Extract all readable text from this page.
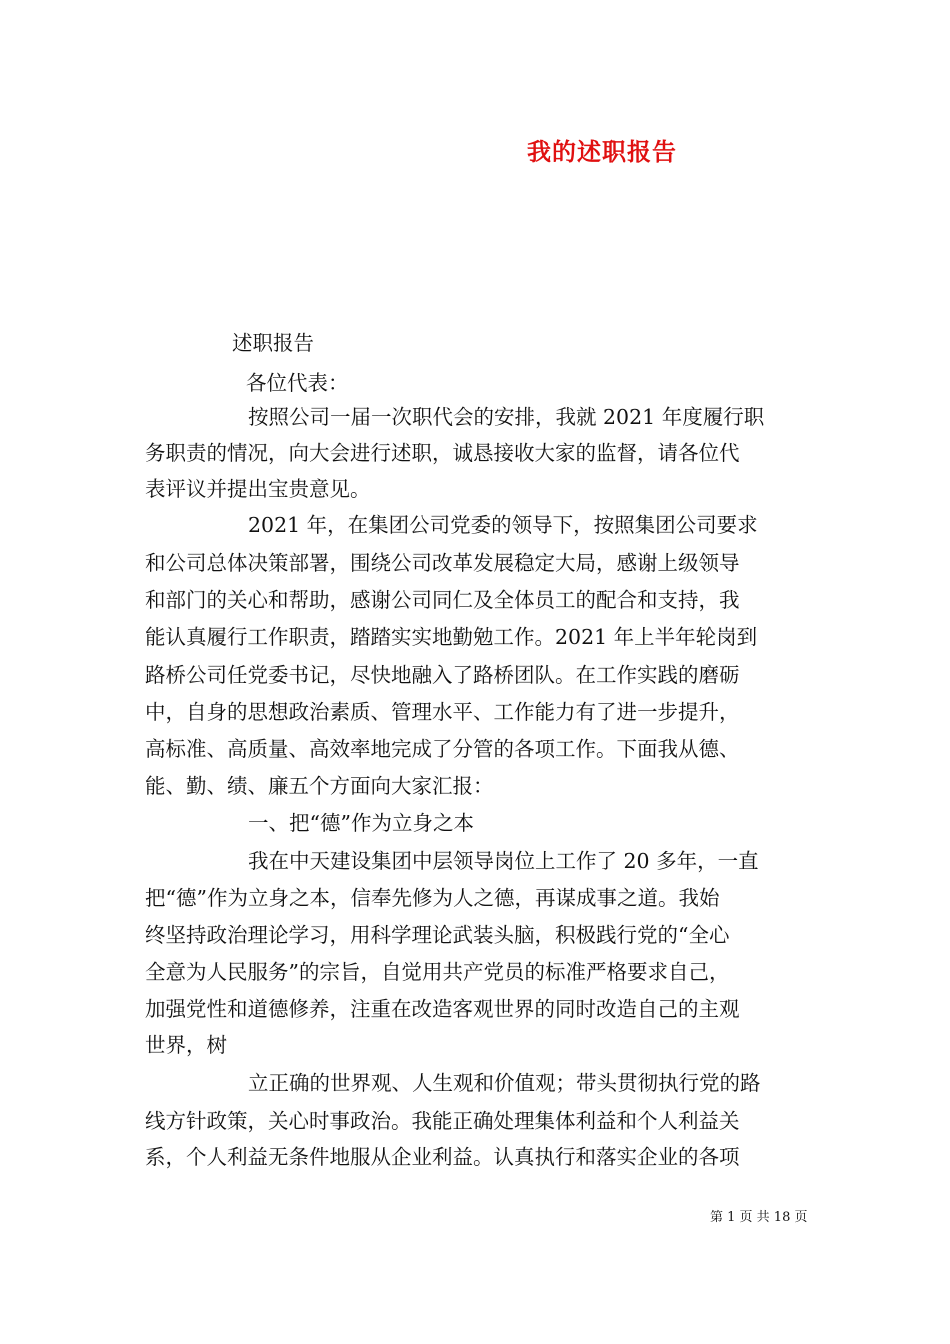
我的述职报告

述职报告

各位代表：

按照公司一届一次职代会的安排，我就 2021 年度履行职

务职责的情况，向大会进行述职，诚恳接收大家的监督，请各位代

表评议并提出宝贵意见。

2021 年，在集团公司党委的领导下，按照集团公司要求

和公司总体决策部署，围绕公司改革发展稳定大局，感谢上级领导

和部门的关心和帮助，感谢公司同仁及全体员工的配合和支持，我

能认真履行工作职责，踏踏实实地勤勉工作。2021 年上半年轮岗到

路桥公司任党委书记，尽快地融入了路桥团队。在工作实践的磨砺

中，自身的思想政治素质、管理水平、工作能力有了进一步提升，

高标准、高质量、高效率地完成了分管的各项工作。下面我从德、

能、勤、绩、廉五个方面向大家汇报：

一、把“德”作为立身之本

我在中天建设集团中层领导岗位上工作了 20 多年，一直

把“德”作为立身之本，信奉先修为人之德，再谋成事之道。我始

终坚持政治理论学习，用科学理论武装头脑，积极践行党的“全心

全意为人民服务”的宗旨，自觉用共产党员的标准严格要求自己，

加强党性和道德修养，注重在改造客观世界的同时改造自己的主观

世界，树

立正确的世界观、人生观和价值观；带头贯彻执行党的路

线方针政策，关心时事政治。我能正确处理集体利益和个人利益关

系，个人利益无条件地服从企业利益。认真执行和落实企业的各项

第 1 页 共 18 页
